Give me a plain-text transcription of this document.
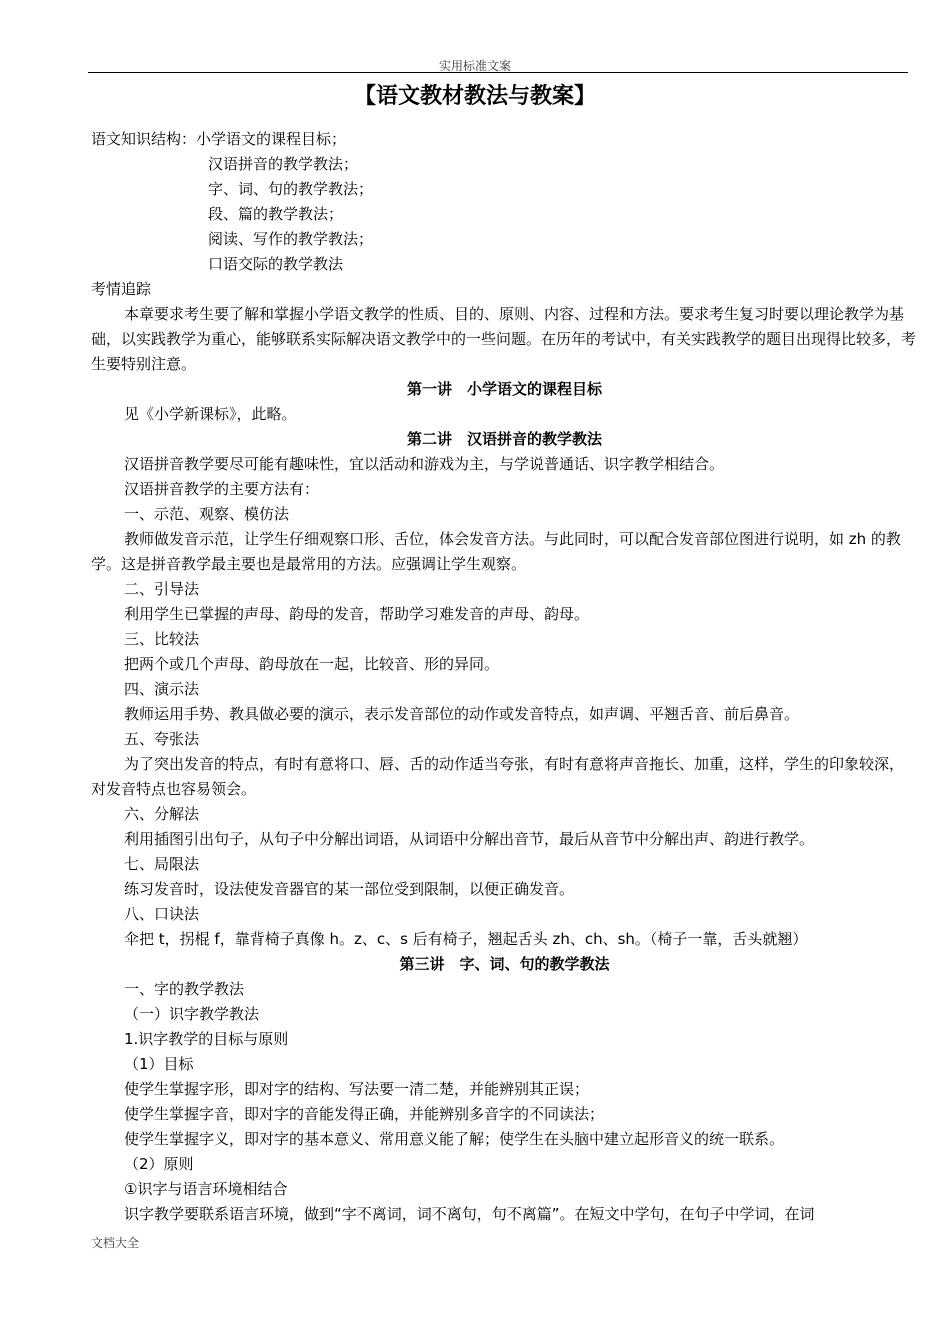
实用标准文案
【语文教材教法与教案】

语文知识结构：小学语文的课程目标；

汉语拼音的教学教法；

字、词、句的教学教法；

段、篇的教学教法；

阅读、写作的教学教法；

口语交际的教学教法

考情追踪

本章要求考生要了解和掌握小学语文教学的性质、目的、原则、内容、过程和方法。要求考生复习时要以理论教学为基础，以实践教学为重心，能够联系实际解决语文教学中的一些问题。在历年的考试中，有关实践教学的题目出现得比较多，考生要特别注意。

第一讲　小学语文的课程目标

见《小学新课标》，此略。

第二讲　汉语拼音的教学教法

汉语拼音教学要尽可能有趣味性，宜以活动和游戏为主，与学说普通话、识字教学相结合。

汉语拼音教学的主要方法有：

一、示范、观察、模仿法

教师做发音示范，让学生仔细观察口形、舌位，体会发音方法。与此同时，可以配合发音部位图进行说明，如 zh 的教学。这是拼音教学最主要也是最常用的方法。应强调让学生观察。

二、引导法

利用学生已掌握的声母、韵母的发音，帮助学习难发音的声母、韵母。

三、比较法

把两个或几个声母、韵母放在一起，比较音、形的异同。

四、演示法

教师运用手势、教具做必要的演示，表示发音部位的动作或发音特点，如声调、平翘舌音、前后鼻音。

五、夸张法

为了突出发音的特点，有时有意将口、唇、舌的动作适当夸张，有时有意将声音拖长、加重，这样，学生的印象较深，对发音特点也容易领会。

六、分解法

利用插图引出句子，从句子中分解出词语，从词语中分解出音节，最后从音节中分解出声、韵进行教学。

七、局限法

练习发音时，设法使发音器官的某一部位受到限制，以便正确发音。

八、口诀法

伞把 t，拐棍 f，靠背椅子真像 h。z、c、s 后有椅子，翘起舌头 zh、ch、sh。（椅子一靠，舌头就翘）

第三讲　字、词、句的教学教法

一、字的教学教法

（一）识字教学教法

1.识字教学的目标与原则

（1）目标

使学生掌握字形，即对字的结构、写法要一清二楚，并能辨别其正误；

使学生掌握字音，即对字的音能发得正确，并能辨别多音字的不同读法；

使学生掌握字义，即对字的基本意义、常用意义能了解；使学生在头脑中建立起形音义的统一联系。

（2）原则

①识字与语言环境相结合

识字教学要联系语言环境，做到“字不离词，词不离句，句不离篇”。在短文中学句，在句子中学词，在词

文档大全
